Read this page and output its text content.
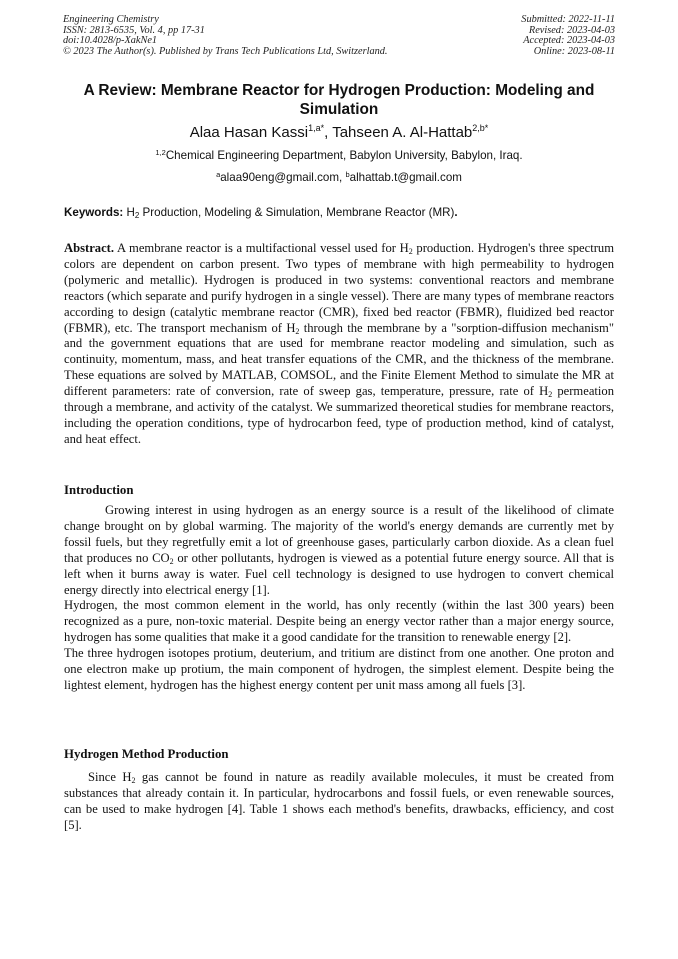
Engineering Chemistry
ISSN: 2813-6535, Vol. 4, pp 17-31
doi:10.4028/p-XakNe1
© 2023 The Author(s). Published by Trans Tech Publications Ltd, Switzerland.
Submitted: 2022-11-11
Revised: 2023-04-03
Accepted: 2023-04-03
Online: 2023-08-11
A Review: Membrane Reactor for Hydrogen Production: Modeling and Simulation
Alaa Hasan Kassi$^{1,a*}$, Tahseen A. Al-Hattab$^{2,b*}$
$^{1,2}$Chemical Engineering Department, Babylon University, Babylon, Iraq.
$^a$alaa90eng@gmail.com, $^b$alhattab.t@gmail.com
Keywords: $H_2$ Production, Modeling & Simulation, Membrane Reactor (MR).

Abstract. A membrane reactor is a multifactional vessel used for $H_2$ production. Hydrogen's three spectrum colors are dependent on carbon present. Two types of membrane with high permeability to hydrogen (polymeric and metallic). Hydrogen is produced in two systems: conventional reactors and membrane reactors (which separate and purify hydrogen in a single vessel). There are many types of membrane reactors according to design (catalytic membrane reactor (CMR), fixed bed reactor (FBMR), fluidized bed reactor (FBMR), etc. The transport mechanism of $H_2$ through the membrane by a "sorption-diffusion mechanism" and the government equations that are used for membrane reactor modeling and simulation, such as continuity, momentum, mass, and heat transfer equations of the CMR, and the thickness of the membrane. These equations are solved by MATLAB, COMSOL, and the Finite Element Method to simulate the MR at different parameters: rate of conversion, rate of sweep gas, temperature, pressure, rate of $H_2$ permeation through a membrane, and activity of the catalyst. We summarized theoretical studies for membrane reactors, including the operation conditions, type of hydrocarbon feed, type of production method, kind of catalyst, and heat effect.

Introduction

Growing interest in using hydrogen as an energy source is a result of the likelihood of climate change brought on by global warming. The majority of the world's energy demands are currently met by fossil fuels, but they regretfully emit a lot of greenhouse gases, particularly carbon dioxide. As a clean fuel that produces no $CO_2$ or other pollutants, hydrogen is viewed as a potential future energy source. All that is left when it burns away is water. Fuel cell technology is designed to use hydrogen to convert chemical energy directly into electrical energy [1].

Hydrogen, the most common element in the world, has only recently (within the last 300 years) been recognized as a pure, non-toxic material. Despite being an energy vector rather than a major energy source, hydrogen has some qualities that make it a good candidate for the transition to renewable energy [2].

The three hydrogen isotopes protium, deuterium, and tritium are distinct from one another. One proton and one electron make up protium, the main component of hydrogen, the simplest element. Despite being the lightest element, hydrogen has the highest energy content per unit mass among all fuels [3].

Hydrogen Method Production

Since $H_2$ gas cannot be found in nature as readily available molecules, it must be created from substances that already contain it. In particular, hydrocarbons and fossil fuels, or even renewable sources, can be used to make hydrogen [4]. Table 1 shows each method's benefits, drawbacks, efficiency, and cost [5].
